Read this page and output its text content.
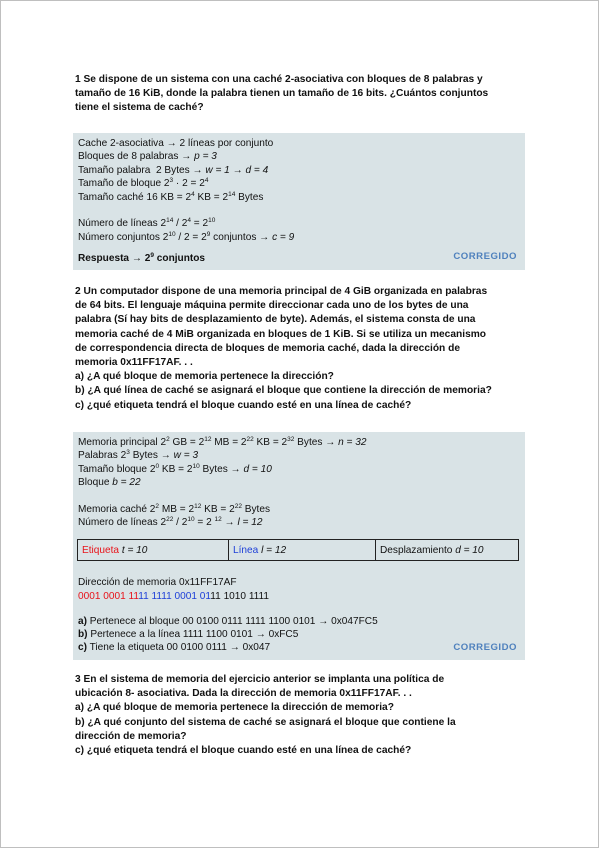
1 Se dispone de un sistema con una caché 2-asociativa con bloques de 8 palabras y

tamaño de 16 KiB, donde la palabra tienen un tamaño de 16 bits. ¿Cuántos conjuntos

tiene el sistema de caché?

Cache 2-asociativa → 2 líneas por conjunto
Bloques de 8 palabras → p = 3
Tamaño palabra  2 Bytes → w = 1 → d = 4
Tamaño de bloque $2^3 \cdot 2 = 2^4$
Tamaño caché 16 KB = $2^4$ KB = $2^{14}$ Bytes
Número de líneas $2^{14} / 2^4 = 2^{10}$
Número conjuntos $2^{10} / 2 = 2^9$ conjuntos → c = 9
Respuesta → $2^9$ conjuntos	CORREGIDO

2 Un computador dispone de una memoria principal de 4 GiB organizada en palabras

de 64 bits. El lenguaje máquina permite direccionar cada uno de los bytes de una

palabra (Sí hay bits de desplazamiento de byte). Además, el sistema consta de una

memoria caché de 4 MiB organizada en bloques de 1 KiB. Si se utiliza un mecanismo

de correspondencia directa de bloques de memoria caché, dada la dirección de

memoria 0x11FF17AF. . .

a) ¿A qué bloque de memoria pertenece la dirección?

b) ¿A qué línea de caché se asignará el bloque que contiene la dirección de memoria?

c) ¿qué etiqueta tendrá el bloque cuando esté en una línea de caché?

Memoria principal $2^2$ GB = $2^{12}$ MB = $2^{22}$ KB = $2^{32}$ Bytes → n = 32
Palabras $2^3$ Bytes → w = 3
Tamaño bloque $2^0$ KB = $2^{10}$ Bytes → d = 10
Bloque b = 22
Memoria caché $2^2$ MB = $2^{12}$ KB = $2^{22}$ Bytes
Número de líneas $2^{22} / 2^{10} = 2$ $^{12}$ → l = 12
Etiqueta t = 10	Línea l = 12	Desplazamiento d = 10
Dirección de memoria 0x11FF17AF
0001 0001 1111 1111 0001 0111 1010 1111
a) Pertenece al bloque 00 0100 0111 1111 1100 0101 → 0x047FC5
b) Pertenece a la línea 1111 1100 0101 → 0xFC5
c) Tiene la etiqueta 00 0100 0111 → 0x047	CORREGIDO

3 En el sistema de memoria del ejercicio anterior se implanta una política de

ubicación 8- asociativa. Dada la dirección de memoria 0x11FF17AF. . .

a) ¿A qué bloque de memoria pertenece la dirección de memoria?

b) ¿A qué conjunto del sistema de caché se asignará el bloque que contiene la

dirección de memoria?

c) ¿qué etiqueta tendrá el bloque cuando esté en una línea de caché?
